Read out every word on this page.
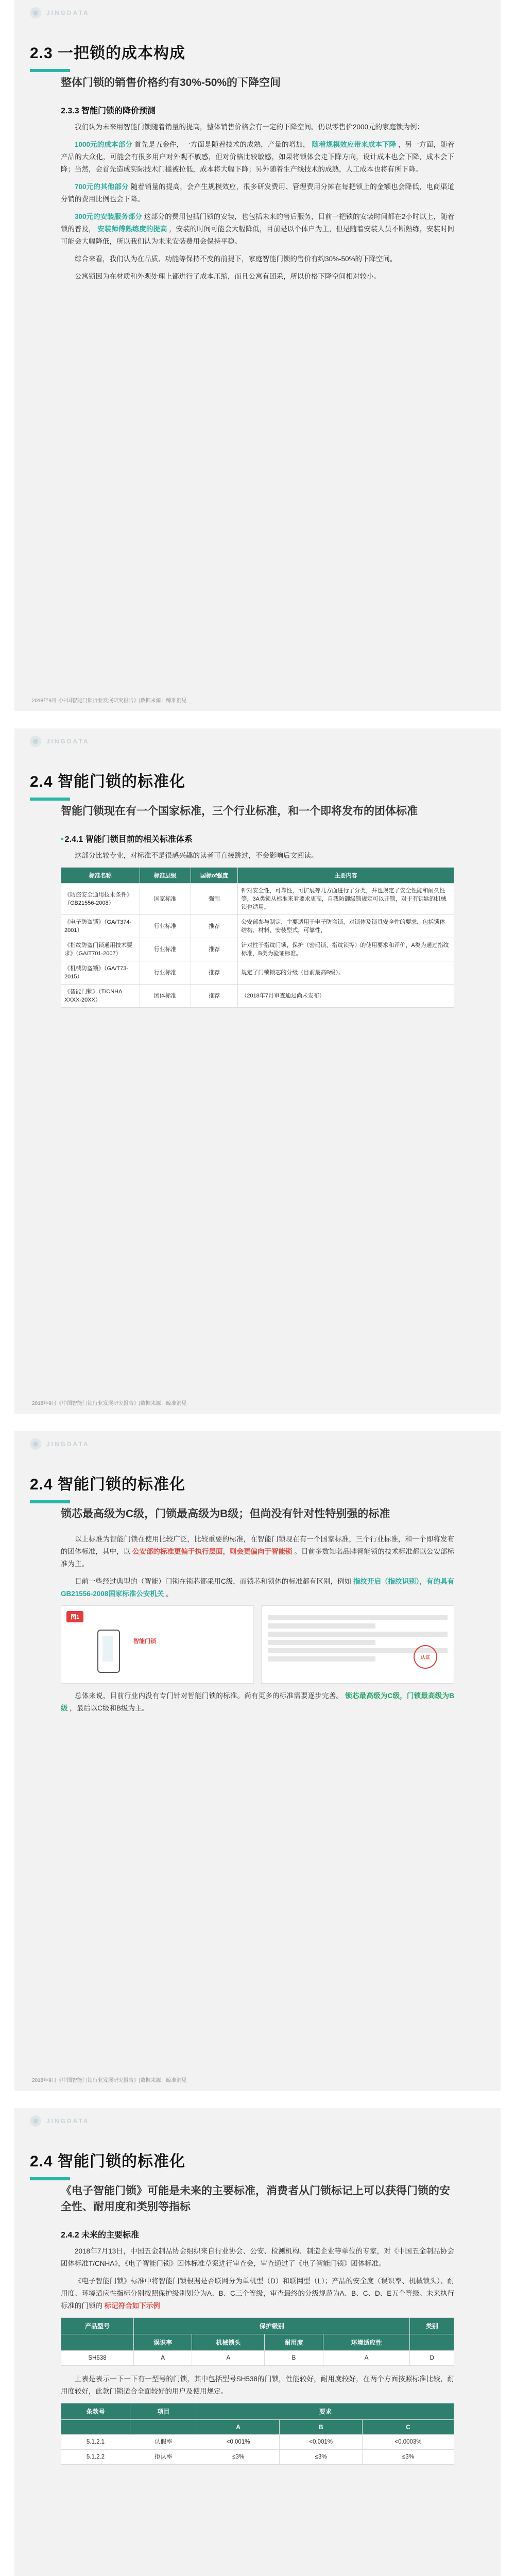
JINGDATA
2.3 一把锁的成本构成

整体门锁的销售价格约有30%-50%的下降空间

2.3.3 智能门锁的降价预测

我们认为未来用智能门锁随着销量的提高，整体销售价格会有一定的下降空间。仍以零售价2000元的家庭锁为例：

1000元的成本部分 首先是五金件，一方面是随着技术的成熟，产量的增加， 随着规模效应带来成本下降 ，另一方面，随着产品的大众化，可能会有很多用户对外观不敏感，但对价格比较敏感，如果将锁体会走下降方向，设计成本也会下降，成本会下降；当然，会首先造成实际技术门槛被拉低，成本将大幅下降；另外随着生产线技术的成熟，人工成本也将有所下降。

700元的其他部分 随着销量的提高，会产生规模效应，很多研发费用、管理费用分摊在每把锁上的金额也会降低，电商渠道分销的费用比例也会下降。

300元的安装服务部分 这部分的费用包括门锁的安装，也包括未来的售后服务，目前一把锁的安装时间都在2小时以上，随着锁的普及， 安装师傅熟练度的提高 ，安装的时间可能会大幅降低，目前是以个体户为主，但是随着安装人员不断熟练，安装时间可能会大幅降低，所以我们认为未来安装费用会保持平稳。

综合来看，我们认为在品质、功能等保持不变的前提下，家庭智能门锁的售价有约30%-50%的下降空间。

公寓锁因为在材质和外观处理上都进行了成本压缩，而且公寓有团采，所以价格下降空间相对较小。

2018年9月《中国智能门锁行业发展研究报告》|数据来源：鲸准洞见
JINGDATA
2.4 智能门锁的标准化

智能门锁现在有一个国家标准，三个行业标准，和一个即将发布的团体标准

▪ 2.4.1 智能门锁目前的相关标准体系

这部分比较专业，对标准不是很感兴趣的读者可直接跳过，不会影响后文阅读。

标准名称	标准层级	国标of强度	主要内容
《防盗安全通用技术条件》（GB21556-2008）	国家标准	强制	针对安全性，可靠性，可扩展等几方面进行了分类，并也规定了安全性能和耐久性等，3A类锁从标准来看要求更高，自我防御级锁规定可以开锁，对于有钥匙的机械锁也适用。
《电子防盗锁》（GA/T374-2001）	行业标准	推荐	公安部参与制定，主要适用于电子防盗锁，对锁体及锁具安全性的要求，包括锁体结构、材料，安装型式，可靠性，
《指纹防盗门锁通用技术要求》（GA/T701-2007）	行业标准	推荐	针对性于指纹门锁，保护（密码锁，指纹锁等）的使用要求和评价，A类为通过指纹标准，B类为验证标准。
《机械防盗锁》（GA/T73-2015）	行业标准	推荐	规定了门锁锁芯的分级（目前最高B级）。
《智能门锁》（T/CNHA XXXX-20XX）	团体标准	推荐	（2018年7月审查通过尚未发布）
2018年9月《中国智能门锁行业发展研究报告》|数据来源：鲸准洞见
JINGDATA
2.4 智能门锁的标准化

锁芯最高级为C级，门锁最高级为B级；但尚没有针对性特别强的标准

以上标准为智能门锁在使用比较广泛，比较重要的标准，在智能门锁现在有一个国家标准，三个行业标准，和一个即将发布的团体标准，其中，以 公安部的标准更偏于执行层面，则会更偏向于智能锁 。目前多数知名品牌智能锁的技术标准都以公安部标准为主。

目前一些经过典型的（智能）门锁在锁芯都采用C级，而锁芯和锁体的标准都有区别，例如 指纹开启（指纹识别），有的具有GB21556-2008国家标准公安机关 。

图1
智能门锁
认证

总体来说，目前行业内没有专门针对智能门锁的标准。尚有更多的标准需要逐步完善。 锁芯最高级为C级，门锁最高级为B级 ，最后以C级和B级为主。

2018年9月《中国智能门锁行业发展研究报告》|数据来源：鲸准洞见
JINGDATA
2.4 智能门锁的标准化

《电子智能门锁》可能是未来的主要标准，消费者从门锁标记上可以获得门锁的安全性、耐用度和类别等指标

2.4.2 未来的主要标准

2018年7月13日，中国五金制品协会组织来自行业协会、公安、检测机构、制造企业等单位的专家，对《中国五金制品协会团体标准T/CNHA》，《电子智能门锁》团体标准草案进行审查会，审查通过了《电子智能门锁》团体标准。

《电子智能门锁》标准中将智能门锁根据是否联网分为单机型（D）和联网型（L）；产品的安全度（误识率、机械锁头）、耐用度、环境适应性指标分别按照保护级别划分为A、B、C三个等级，审查最终的分级规范为A、B、C、D、E五个等级。未来执行标准的门锁的 标记符合如下示例

产品型号	保护级别				类别
	误识率	机械锁头	耐用度	环境适应性	
SH538	A	A	B	A	D

上表是表示一下一下有一型号的门锁，其中包括型号SH538的门锁，性能较好，耐用度较好，在两个方面按照标准比较，耐用度较好，此款门锁适合全面较好的用户及使用规定。

条款号	项目	要求		
		A	B	C
5.1.2.1	认假率	<0.001%	<0.001%	<0.0003%
5.1.2.2	拒认率	≤3%	≤3%	≤3%
